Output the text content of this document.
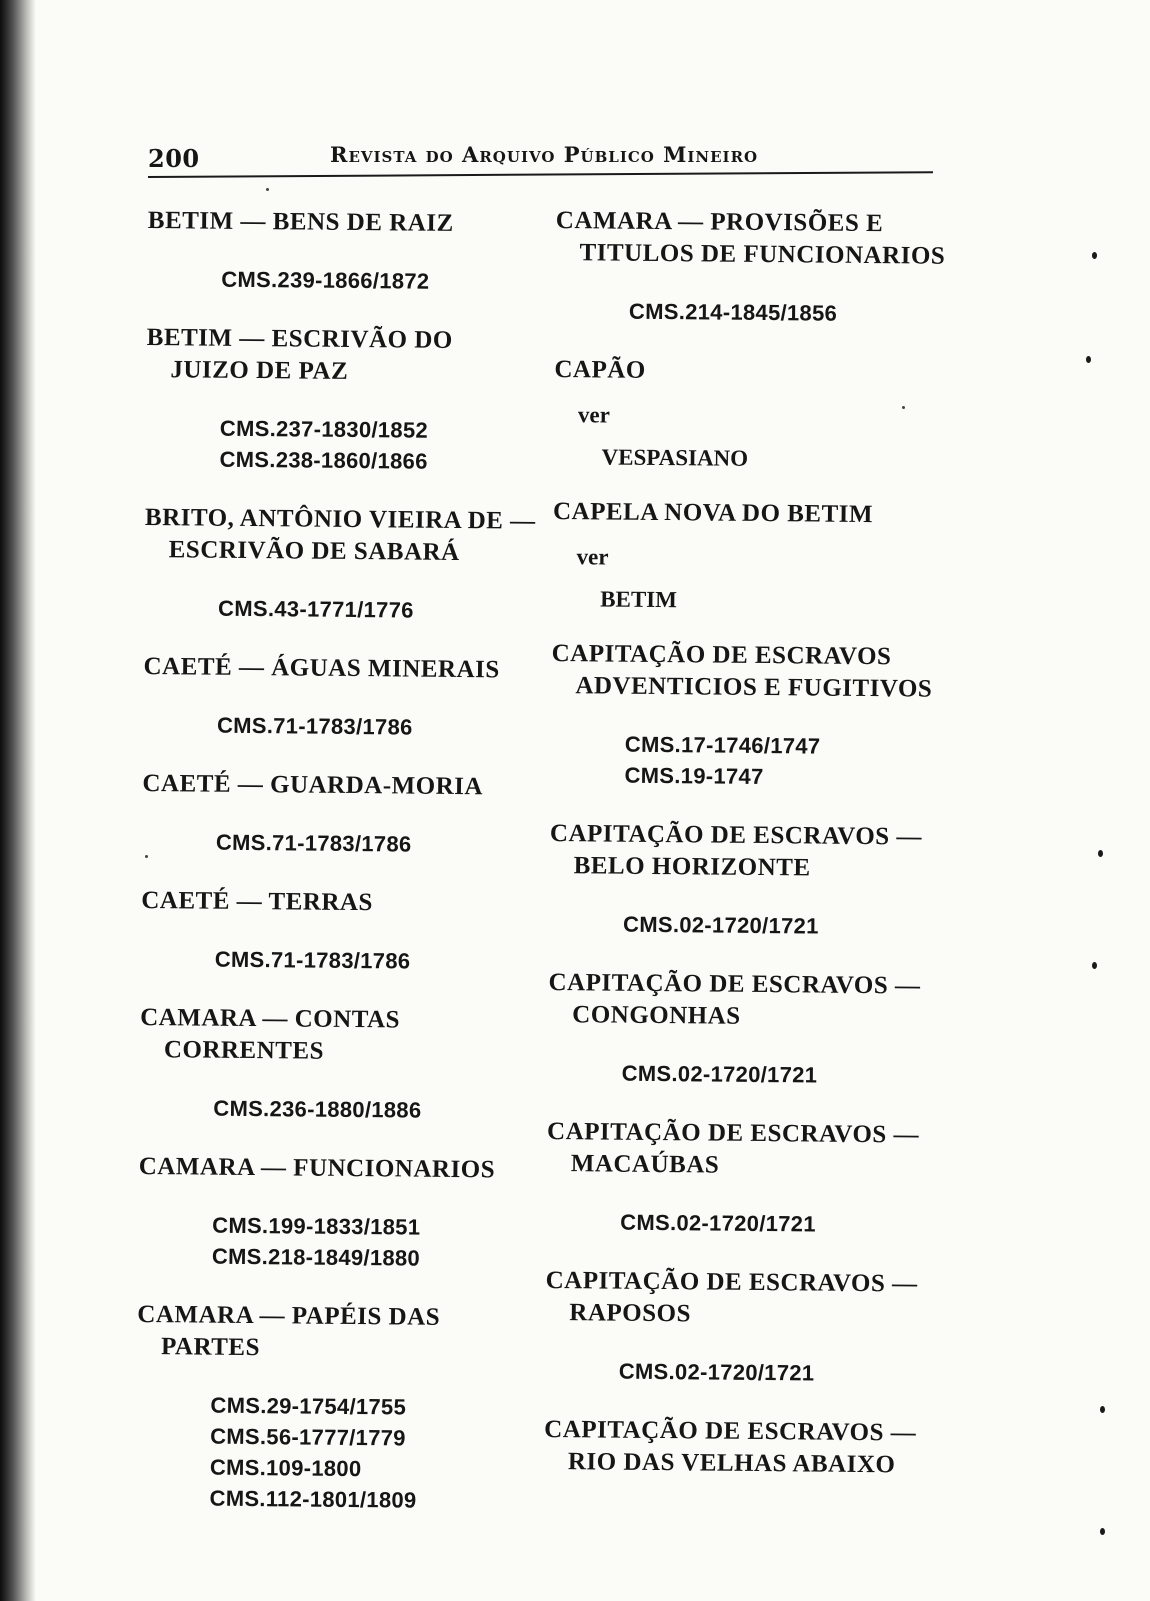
200	Revista do Arquivo Público Mineiro
BETIM — BENS DE RAIZ
CMS.239-1866/1872
BETIM — ESCRIVÃO DO
JUIZO DE PAZ
CMS.237-1830/1852
CMS.238-1860/1866
BRITO, ANTÔNIO VIEIRA DE —
ESCRIVÃO DE SABARÁ
CMS.43-1771/1776
CAETÉ — ÁGUAS MINERAIS
CMS.71-1783/1786
CAETÉ — GUARDA-MORIA
CMS.71-1783/1786
CAETÉ — TERRAS
CMS.71-1783/1786
CAMARA — CONTAS
CORRENTES
CMS.236-1880/1886
CAMARA — FUNCIONARIOS
CMS.199-1833/1851
CMS.218-1849/1880
CAMARA — PAPÉIS DAS
PARTES
CMS.29-1754/1755
CMS.56-1777/1779
CMS.109-1800
CMS.112-1801/1809
CAMARA — PROVISÕES E
TITULOS DE FUNCIONARIOS
CMS.214-1845/1856
CAPÃO
ver
VESPASIANO
CAPELA NOVA DO BETIM
ver
BETIM
CAPITAÇÃO DE ESCRAVOS
ADVENTICIOS E FUGITIVOS
CMS.17-1746/1747
CMS.19-1747
CAPITAÇÃO DE ESCRAVOS —
BELO HORIZONTE
CMS.02-1720/1721
CAPITAÇÃO DE ESCRAVOS —
CONGONHAS
CMS.02-1720/1721
CAPITAÇÃO DE ESCRAVOS —
MACAÚBAS
CMS.02-1720/1721
CAPITAÇÃO DE ESCRAVOS —
RAPOSOS
CMS.02-1720/1721
CAPITAÇÃO DE ESCRAVOS —
RIO DAS VELHAS ABAIXO
